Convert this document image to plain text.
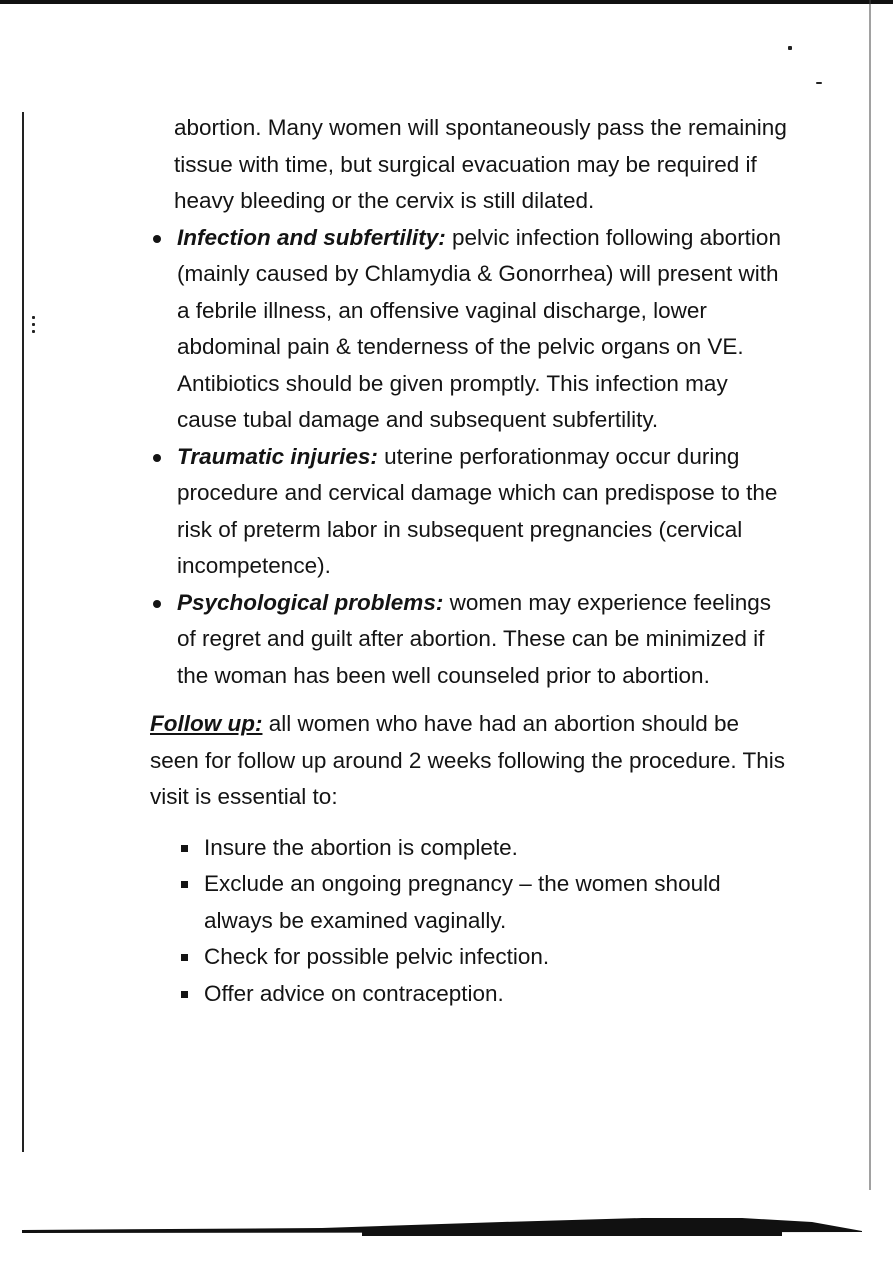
abortion. Many women will spontaneously pass the remaining tissue with time, but surgical evacuation may be required if heavy bleeding or the cervix is still dilated.

Infection and subfertility: pelvic infection following abortion (mainly caused by Chlamydia & Gonorrhea) will present with a febrile illness, an offensive vaginal discharge, lower abdominal pain & tenderness of the pelvic organs on VE. Antibiotics should be given promptly. This infection may cause tubal damage and subsequent subfertility.
Traumatic injuries: uterine perforationmay occur during procedure and cervical damage which can predispose to the risk of preterm labor in subsequent pregnancies (cervical incompetence).
Psychological problems: women may experience feelings of regret and guilt after abortion. These can be minimized if the woman has been well counseled prior to abortion.

Follow up: all women who have had an abortion should be seen for follow up around 2 weeks following the procedure. This visit is essential to:

Insure the abortion is complete.
Exclude an ongoing pregnancy – the women should always be examined vaginally.
Check for possible pelvic infection.
Offer advice on contraception.
